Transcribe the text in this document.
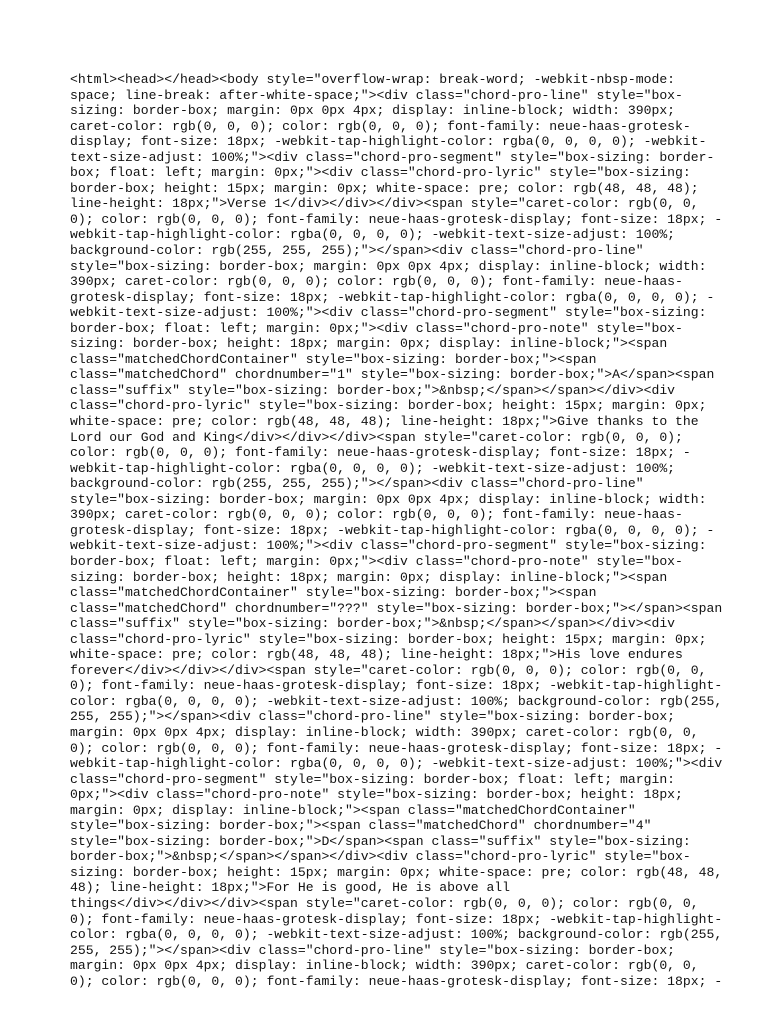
<html><head></head><body style="overflow-wrap: break-word; -webkit-nbsp-mode:
space; line-break: after-white-space;"><div class="chord-pro-line" style="box-
sizing: border-box; margin: 0px 0px 4px; display: inline-block; width: 390px;
caret-color: rgb(0, 0, 0); color: rgb(0, 0, 0); font-family: neue-haas-grotesk-
display; font-size: 18px; -webkit-tap-highlight-color: rgba(0, 0, 0, 0); -webkit-
text-size-adjust: 100%;"><div class="chord-pro-segment" style="box-sizing: border-
box; float: left; margin: 0px;"><div class="chord-pro-lyric" style="box-sizing:
border-box; height: 15px; margin: 0px; white-space: pre; color: rgb(48, 48, 48);
line-height: 18px;">Verse 1</div></div></div><span style="caret-color: rgb(0, 0,
0); color: rgb(0, 0, 0); font-family: neue-haas-grotesk-display; font-size: 18px; -
webkit-tap-highlight-color: rgba(0, 0, 0, 0); -webkit-text-size-adjust: 100%;
background-color: rgb(255, 255, 255);"></span><div class="chord-pro-line"
style="box-sizing: border-box; margin: 0px 0px 4px; display: inline-block; width:
390px; caret-color: rgb(0, 0, 0); color: rgb(0, 0, 0); font-family: neue-haas-
grotesk-display; font-size: 18px; -webkit-tap-highlight-color: rgba(0, 0, 0, 0); -
webkit-text-size-adjust: 100%;"><div class="chord-pro-segment" style="box-sizing:
border-box; float: left; margin: 0px;"><div class="chord-pro-note" style="box-
sizing: border-box; height: 18px; margin: 0px; display: inline-block;"><span
class="matchedChordContainer" style="box-sizing: border-box;"><span
class="matchedChord" chordnumber="1" style="box-sizing: border-box;">A</span><span
class="suffix" style="box-sizing: border-box;">&nbsp;</span></span></div><div
class="chord-pro-lyric" style="box-sizing: border-box; height: 15px; margin: 0px;
white-space: pre; color: rgb(48, 48, 48); line-height: 18px;">Give thanks to the
Lord our God and King</div></div></div><span style="caret-color: rgb(0, 0, 0);
color: rgb(0, 0, 0); font-family: neue-haas-grotesk-display; font-size: 18px; -
webkit-tap-highlight-color: rgba(0, 0, 0, 0); -webkit-text-size-adjust: 100%;
background-color: rgb(255, 255, 255);"></span><div class="chord-pro-line"
style="box-sizing: border-box; margin: 0px 0px 4px; display: inline-block; width:
390px; caret-color: rgb(0, 0, 0); color: rgb(0, 0, 0); font-family: neue-haas-
grotesk-display; font-size: 18px; -webkit-tap-highlight-color: rgba(0, 0, 0, 0); -
webkit-text-size-adjust: 100%;"><div class="chord-pro-segment" style="box-sizing:
border-box; float: left; margin: 0px;"><div class="chord-pro-note" style="box-
sizing: border-box; height: 18px; margin: 0px; display: inline-block;"><span
class="matchedChordContainer" style="box-sizing: border-box;"><span
class="matchedChord" chordnumber="???" style="box-sizing: border-box;"></span><span
class="suffix" style="box-sizing: border-box;">&nbsp;</span></span></div><div
class="chord-pro-lyric" style="box-sizing: border-box; height: 15px; margin: 0px;
white-space: pre; color: rgb(48, 48, 48); line-height: 18px;">His love endures
forever</div></div></div><span style="caret-color: rgb(0, 0, 0); color: rgb(0, 0,
0); font-family: neue-haas-grotesk-display; font-size: 18px; -webkit-tap-highlight-
color: rgba(0, 0, 0, 0); -webkit-text-size-adjust: 100%; background-color: rgb(255,
255, 255);"></span><div class="chord-pro-line" style="box-sizing: border-box;
margin: 0px 0px 4px; display: inline-block; width: 390px; caret-color: rgb(0, 0,
0); color: rgb(0, 0, 0); font-family: neue-haas-grotesk-display; font-size: 18px; -
webkit-tap-highlight-color: rgba(0, 0, 0, 0); -webkit-text-size-adjust: 100%;"><div
class="chord-pro-segment" style="box-sizing: border-box; float: left; margin:
0px;"><div class="chord-pro-note" style="box-sizing: border-box; height: 18px;
margin: 0px; display: inline-block;"><span class="matchedChordContainer"
style="box-sizing: border-box;"><span class="matchedChord" chordnumber="4"
style="box-sizing: border-box;">D</span><span class="suffix" style="box-sizing:
border-box;">&nbsp;</span></span></div><div class="chord-pro-lyric" style="box-
sizing: border-box; height: 15px; margin: 0px; white-space: pre; color: rgb(48, 48,
48); line-height: 18px;">For He is good, He is above all
things</div></div></div><span style="caret-color: rgb(0, 0, 0); color: rgb(0, 0,
0); font-family: neue-haas-grotesk-display; font-size: 18px; -webkit-tap-highlight-
color: rgba(0, 0, 0, 0); -webkit-text-size-adjust: 100%; background-color: rgb(255,
255, 255);"></span><div class="chord-pro-line" style="box-sizing: border-box;
margin: 0px 0px 4px; display: inline-block; width: 390px; caret-color: rgb(0, 0,
0); color: rgb(0, 0, 0); font-family: neue-haas-grotesk-display; font-size: 18px; -
